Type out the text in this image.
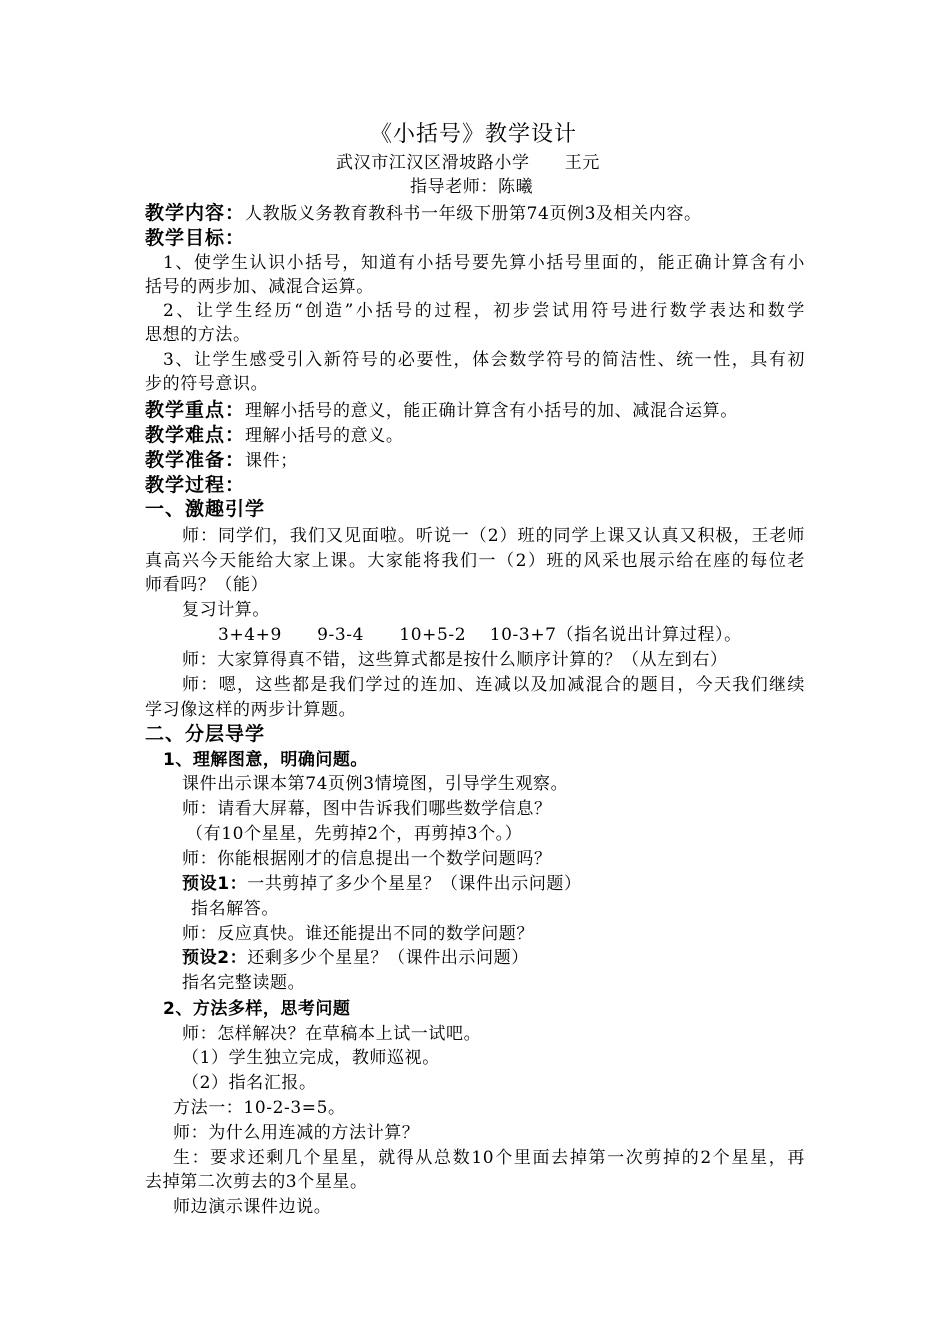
《小括号》教学设计
武汉市江汉区滑坡路小学　　王元
指导老师：陈曦
教学内容：人教版义务教育教科书一年级下册第74页例3及相关内容。
教学目标：
1、使学生认识小括号，知道有小括号要先算小括号里面的，能正确计算含有小
括号的两步加、减混合运算。
2、让学生经历“创造”小括号的过程，初步尝试用符号进行数学表达和数学
思想的方法。
3、让学生感受引入新符号的必要性，体会数学符号的简洁性、统一性，具有初
步的符号意识。
教学重点：理解小括号的意义，能正确计算含有小括号的加、减混合运算。
教学难点：理解小括号的意义。
教学准备：课件；
教学过程：
一、激趣引学
师：同学们，我们又见面啦。听说一（2）班的同学上课又认真又积极，王老师
真高兴今天能给大家上课。大家能将我们一（2）班的风采也展示给在座的每位老
师看吗？（能）
复习计算。
3+4+9　　9-3-4　　10+5-2　 10-3+7（指名说出计算过程）。
师：大家算得真不错，这些算式都是按什么顺序计算的？（从左到右）
师：嗯，这些都是我们学过的连加、连减以及加减混合的题目，今天我们继续
学习像这样的两步计算题。
二、分层导学
1、理解图意，明确问题。
课件出示课本第74页例3情境图，引导学生观察。
师：请看大屏幕，图中告诉我们哪些数学信息？
（有10个星星，先剪掉2个，再剪掉3个。）
师：你能根据刚才的信息提出一个数学问题吗？
预设1：一共剪掉了多少个星星？（课件出示问题）
指名解答。
师：反应真快。谁还能提出不同的数学问题？
预设2：还剩多少个星星？（课件出示问题）
指名完整读题。
2、方法多样，思考问题
师：怎样解决？在草稿本上试一试吧。
（1）学生独立完成，教师巡视。
（2）指名汇报。
方法一：10-2-3=5。
师：为什么用连减的方法计算？
生：要求还剩几个星星，就得从总数10个里面去掉第一次剪掉的2个星星，再
去掉第二次剪去的3个星星。
师边演示课件边说。
